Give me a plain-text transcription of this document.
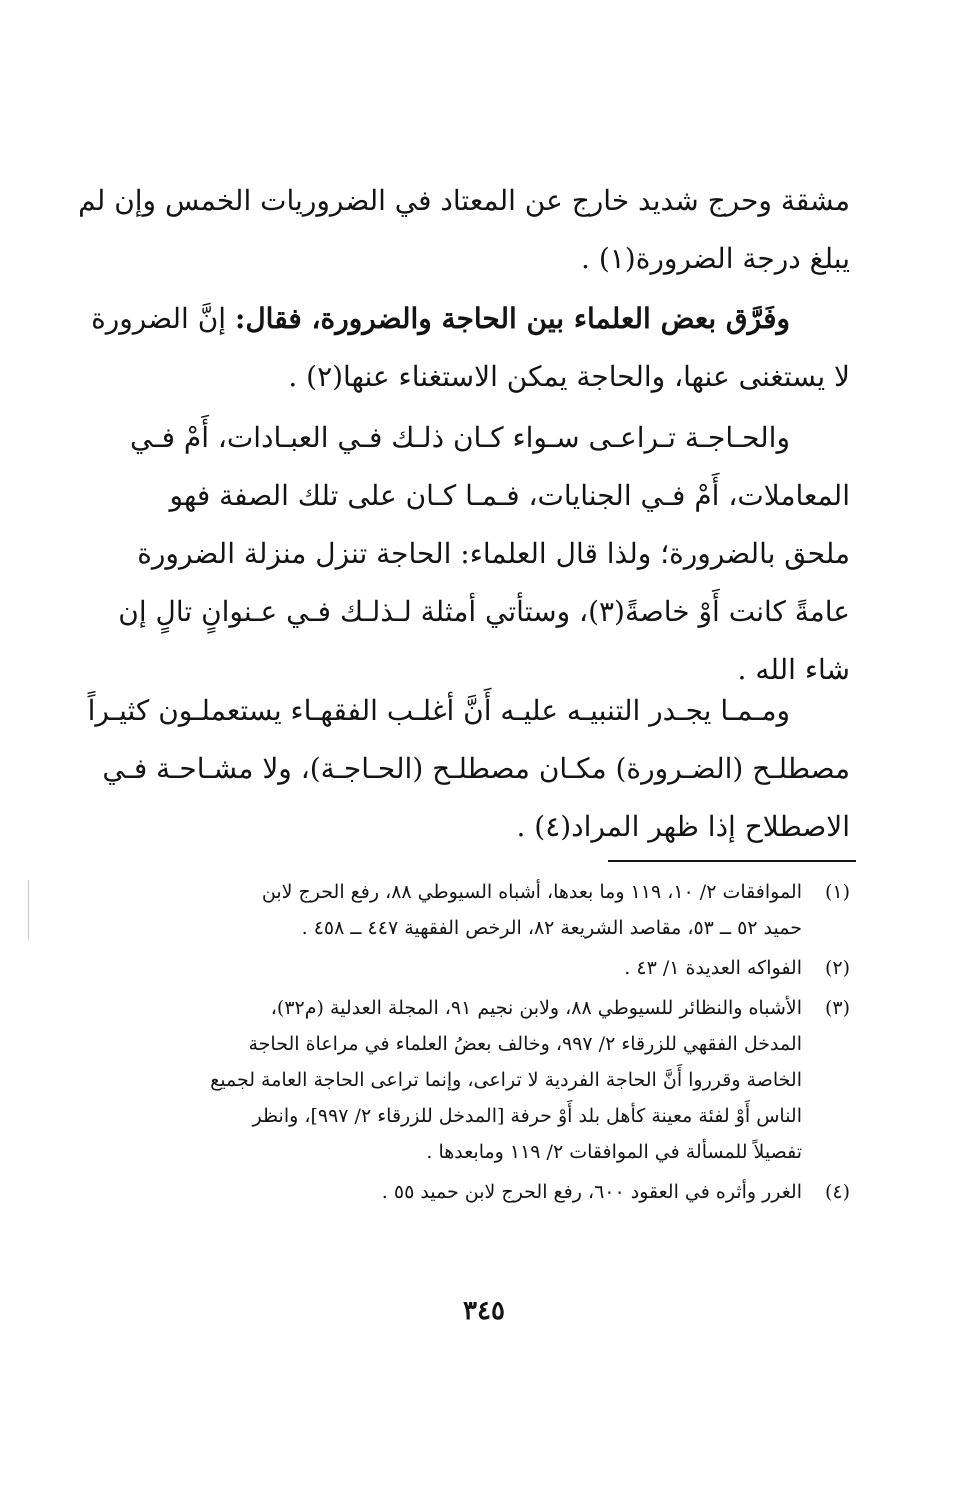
مشقة وحرج شديد خارج عن المعتاد في الضروريات الخمس وإن لم
يبلغ درجة الضرورة(١) .
وفَرَّق بعض العلماء بين الحاجة والضرورة، فقال: إنَّ الضرورة
لا يستغنى عنها، والحاجة يمكن الاستغناء عنها(٢) .
والحـاجـة تـراعـى سـواء كـان ذلـك فـي العبـادات، أَمْ فـي
المعاملات، أَمْ فـي الجنايات، فـمـا كـان على تلك الصفة فهو
ملحق بالضرورة؛ ولذا قال العلماء: الحاجة تنزل منزلة الضرورة
عامةً كانت أَوْ خاصةً(٣)، وستأتي أمثلة لـذلـك فـي عـنوانٍ تالٍ إن
شاء الله .
ومـمـا يجـدر التنبيـه عليـه أَنَّ أغلـب الفقهـاء يستعملـون كثيـراً
مصطلـح (الضـرورة) مكـان مصطلـح (الحـاجـة)، ولا مشـاحـة فـي
الاصطلاح إذا ظهر المراد(٤) .
(١)
الموافقات ٢/ ١٠، ١١٩ وما بعدها، أشباه السيوطي ٨٨، رفع الحرج لابن
حميد ٥٢ ــ ٥٣، مقاصد الشريعة ٨٢، الرخص الفقهية ٤٤٧ ــ ٤٥٨ .
(٢)
الفواكه العديدة ١/ ٤٣ .
(٣)
الأشباه والنظائر للسيوطي ٨٨، ولابن نجيم ٩١، المجلة العدلية (م٣٢)،
المدخل الفقهي للزرقاء ٢/ ٩٩٧، وخالف بعضُ العلماء في مراعاة الحاجة
الخاصة وقرروا أَنَّ الحاجة الفردية لا تراعى، وإنما تراعى الحاجة العامة لجميع
الناس أَوْ لفئة معينة كأهل بلد أَوْ حرفة [المدخل للزرقاء ٢/ ٩٩٧]، وانظر
تفصيلاً للمسألة في الموافقات ٢/ ١١٩ ومابعدها .
(٤)
الغرر وأثره في العقود ٦٠٠، رفع الحرج لابن حميد ٥٥ .
٣٤٥
